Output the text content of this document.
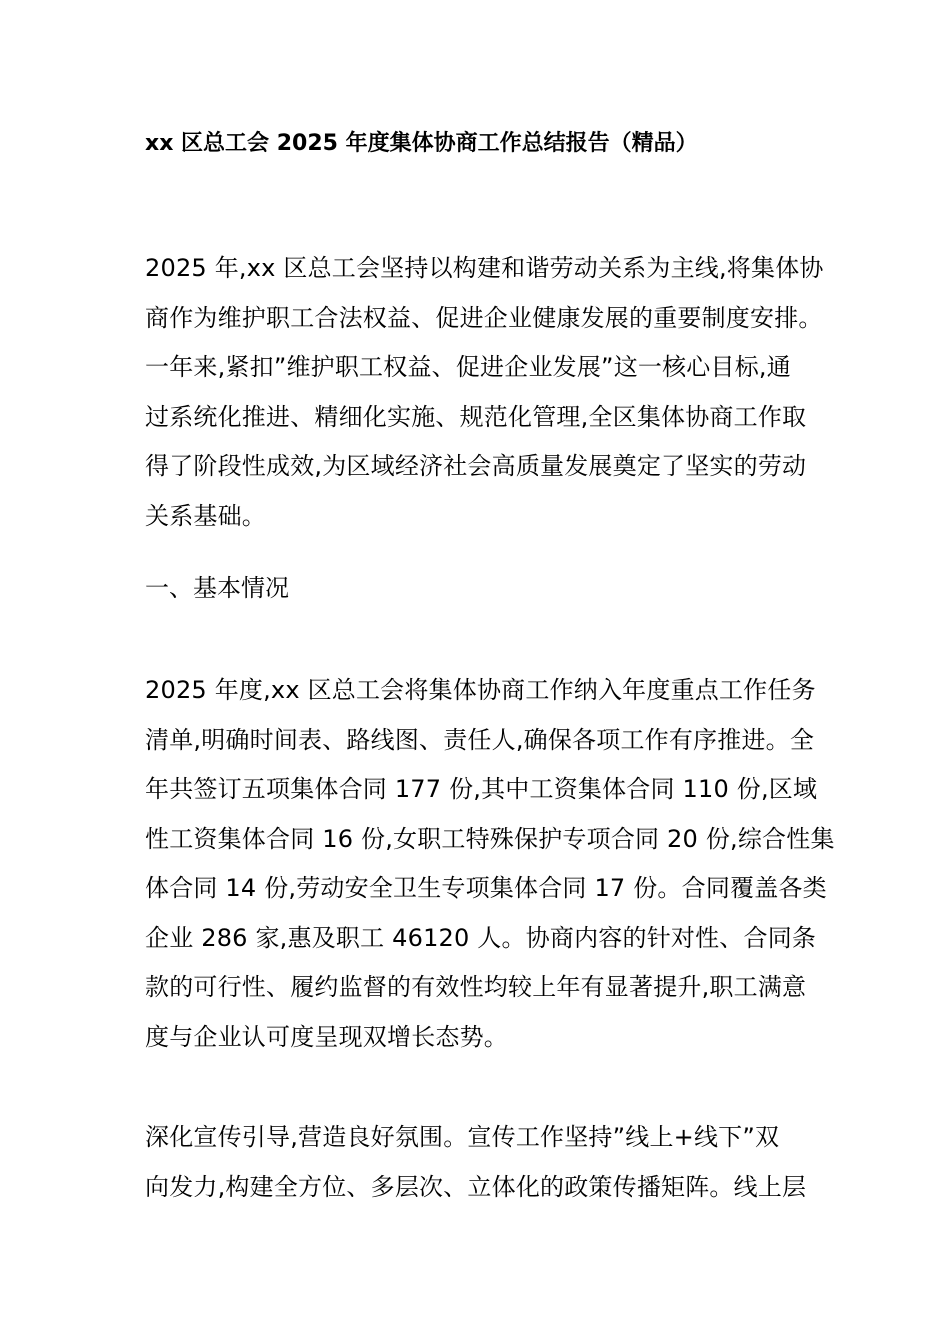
xx 区总工会 2025 年度集体协商工作总结报告（精品）
2025 年,xx 区总工会坚持以构建和谐劳动关系为主线,将集体协
商作为维护职工合法权益、促进企业健康发展的重要制度安排。
一年来,紧扣”维护职工权益、促进企业发展”这一核心目标,通
过系统化推进、精细化实施、规范化管理,全区集体协商工作取
得了阶段性成效,为区域经济社会高质量发展奠定了坚实的劳动
关系基础。
一、基本情况
2025 年度,xx 区总工会将集体协商工作纳入年度重点工作任务
清单,明确时间表、路线图、责任人,确保各项工作有序推进。全
年共签订五项集体合同 177 份,其中工资集体合同 110 份,区域
性工资集体合同 16 份,女职工特殊保护专项合同 20 份,综合性集
体合同 14 份,劳动安全卫生专项集体合同 17 份。合同覆盖各类
企业 286 家,惠及职工 46120 人。协商内容的针对性、合同条
款的可行性、履约监督的有效性均较上年有显著提升,职工满意
度与企业认可度呈现双增长态势。
深化宣传引导,营造良好氛围。宣传工作坚持”线上+线下”双
向发力,构建全方位、多层次、立体化的政策传播矩阵。线上层
